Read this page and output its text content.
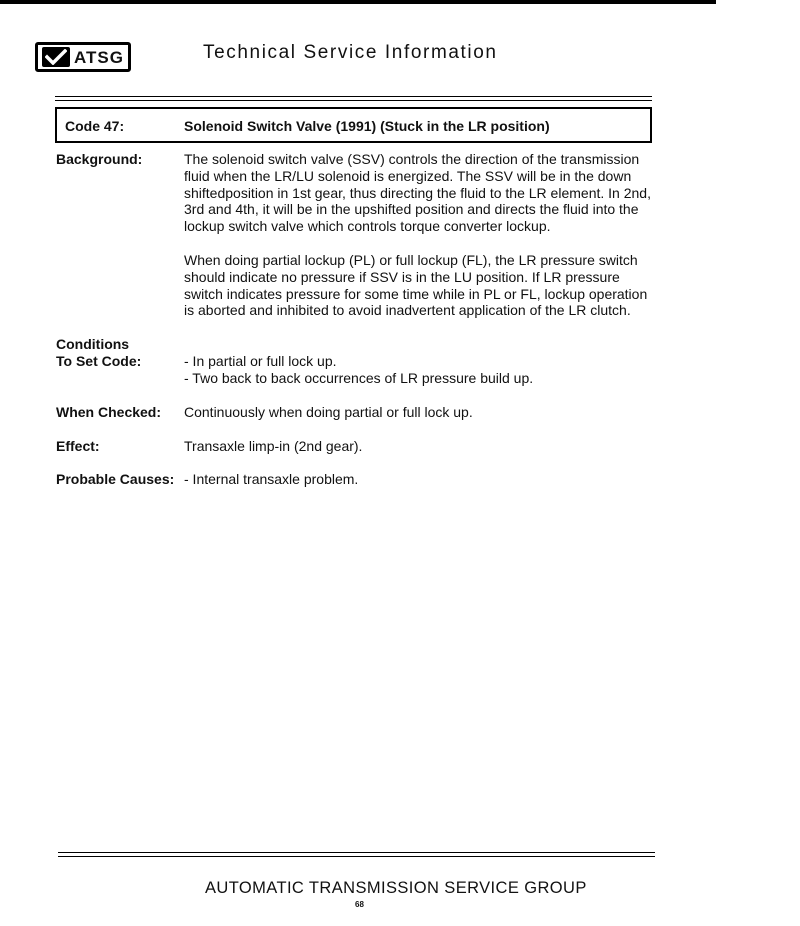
ATSG	Technical Service Information
Code 47:	Solenoid Switch Valve (1991) (Stuck in the LR position)
Background:	The solenoid switch valve (SSV) controls the direction of the transmission fluid when the LR/LU solenoid is energized. The SSV will be in the down shiftedposition in 1st gear, thus directing the fluid to the LR element. In 2nd, 3rd and 4th, it will be in the upshifted position and directs the fluid into the lockup switch valve which controls torque converter lockup.
When doing partial lockup (PL) or full lockup (FL), the LR pressure switch should indicate no pressure if SSV is in the LU position. If LR pressure switch indicates pressure for some time while in PL or FL, lockup operation is aborted and inhibited to avoid inadvertent application of the LR clutch.
Conditions
To Set Code:	- In partial or full lock up.
- Two back to back occurrences of LR pressure build up.
When Checked: Continuously when doing partial or full lock up.
Effect:	Transaxle limp-in (2nd gear).
Probable Causes: - Internal transaxle problem.
AUTOMATIC TRANSMISSION SERVICE GROUP
68
